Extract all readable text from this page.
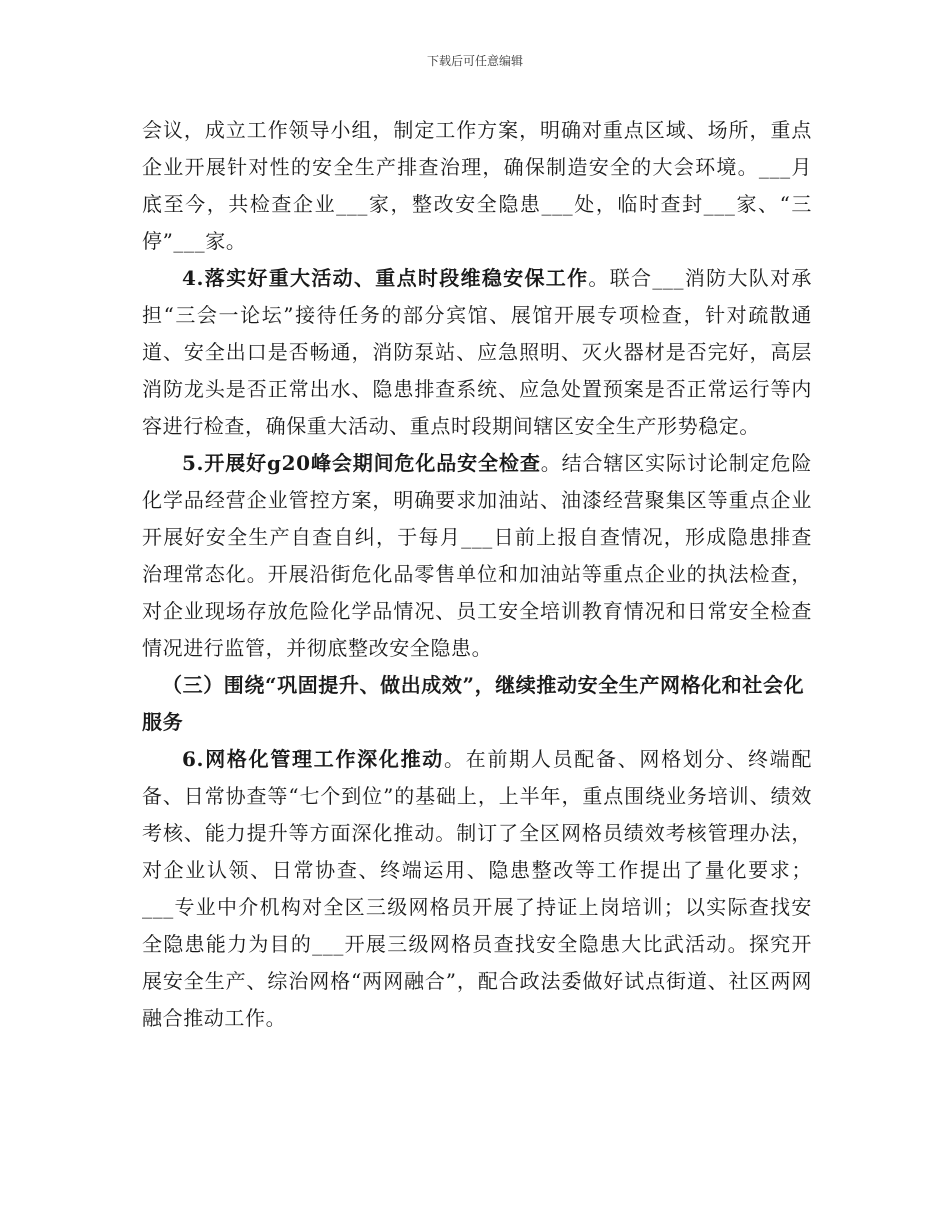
下载后可任意编辑

会议，成立工作领导小组，制定工作方案，明确对重点区域、场所，重点企业开展针对性的安全生产排查治理，确保制造安全的大会环境。___月底至今，共检查企业___家，整改安全隐患___处，临时查封___家、“三停”___家。

4.落实好重大活动、重点时段维稳安保工作。联合___消防大队对承担“三会一论坛”接待任务的部分宾馆、展馆开展专项检查，针对疏散通道、安全出口是否畅通，消防泵站、应急照明、灭火器材是否完好，高层消防龙头是否正常出水、隐患排查系统、应急处置预案是否正常运行等内容进行检查，确保重大活动、重点时段期间辖区安全生产形势稳定。

5.开展好g20峰会期间危化品安全检查。结合辖区实际讨论制定危险化学品经营企业管控方案，明确要求加油站、油漆经营聚集区等重点企业开展好安全生产自查自纠，于每月___日前上报自查情况，形成隐患排查治理常态化。开展沿街危化品零售单位和加油站等重点企业的执法检查，对企业现场存放危险化学品情况、员工安全培训教育情况和日常安全检查情况进行监管，并彻底整改安全隐患。

（三）围绕“巩固提升、做出成效”，继续推动安全生产网格化和社会化服务

6.网格化管理工作深化推动。在前期人员配备、网格划分、终端配备、日常协查等“七个到位”的基础上，上半年，重点围绕业务培训、绩效考核、能力提升等方面深化推动。制订了全区网格员绩效考核管理办法，对企业认领、日常协查、终端运用、隐患整改等工作提出了量化要求；___专业中介机构对全区三级网格员开展了持证上岗培训；以实际查找安全隐患能力为目的___开展三级网格员查找安全隐患大比武活动。探究开展安全生产、综治网格“两网融合”，配合政法委做好试点街道、社区两网融合推动工作。
